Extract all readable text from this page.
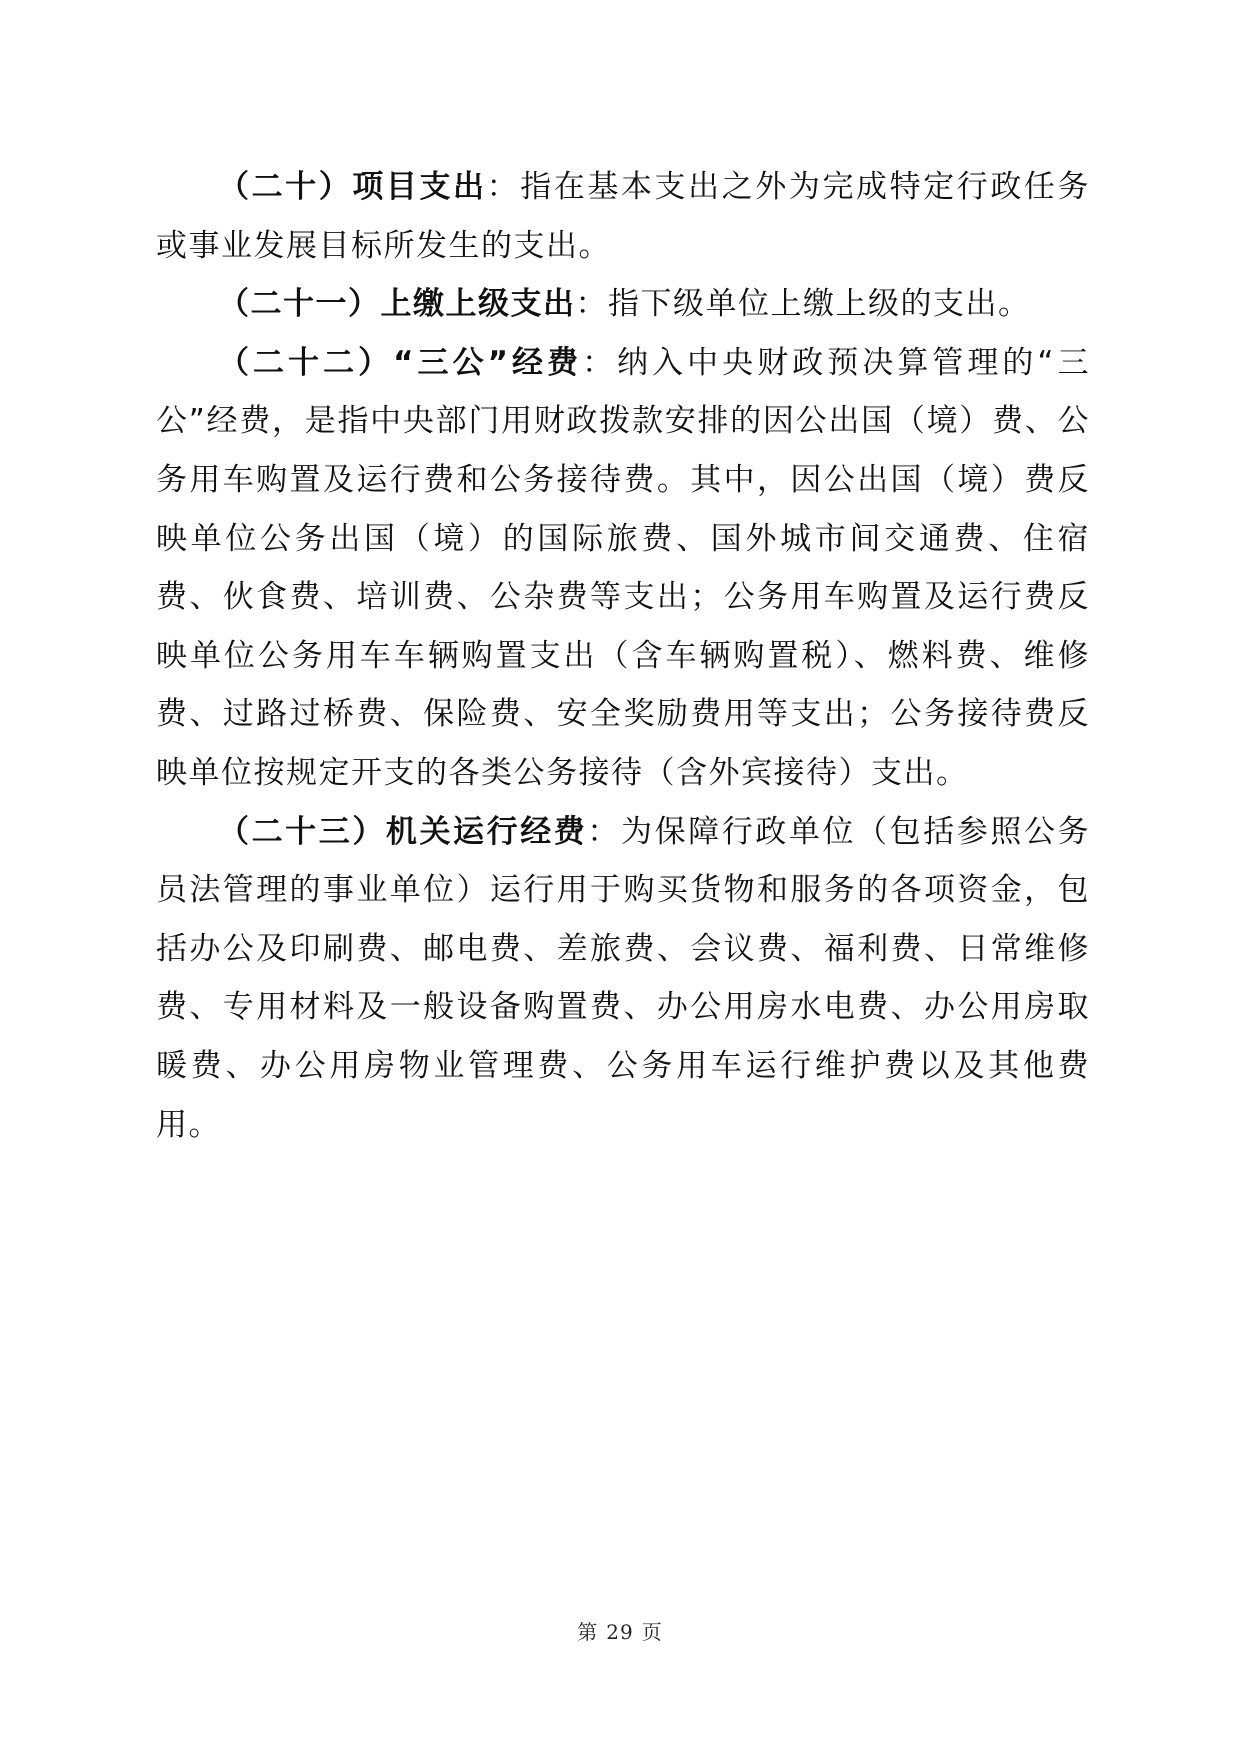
（二十）项目支出：指在基本支出之外为完成特定行政任务或事业发展目标所发生的支出。

（二十一）上缴上级支出：指下级单位上缴上级的支出。

（二十二）“三公”经费：纳入中央财政预决算管理的“三公”经费，是指中央部门用财政拨款安排的因公出国（境）费、公务用车购置及运行费和公务接待费。其中，因公出国（境）费反映单位公务出国（境）的国际旅费、国外城市间交通费、住宿费、伙食费、培训费、公杂费等支出；公务用车购置及运行费反映单位公务用车车辆购置支出（含车辆购置税）、燃料费、维修费、过路过桥费、保险费、安全奖励费用等支出；公务接待费反映单位按规定开支的各类公务接待（含外宾接待）支出。

（二十三）机关运行经费：为保障行政单位（包括参照公务员法管理的事业单位）运行用于购买货物和服务的各项资金，包括办公及印刷费、邮电费、差旅费、会议费、福利费、日常维修费、专用材料及一般设备购置费、办公用房水电费、办公用房取暖费、办公用房物业管理费、公务用车运行维护费以及其他费用。

第 29 页
